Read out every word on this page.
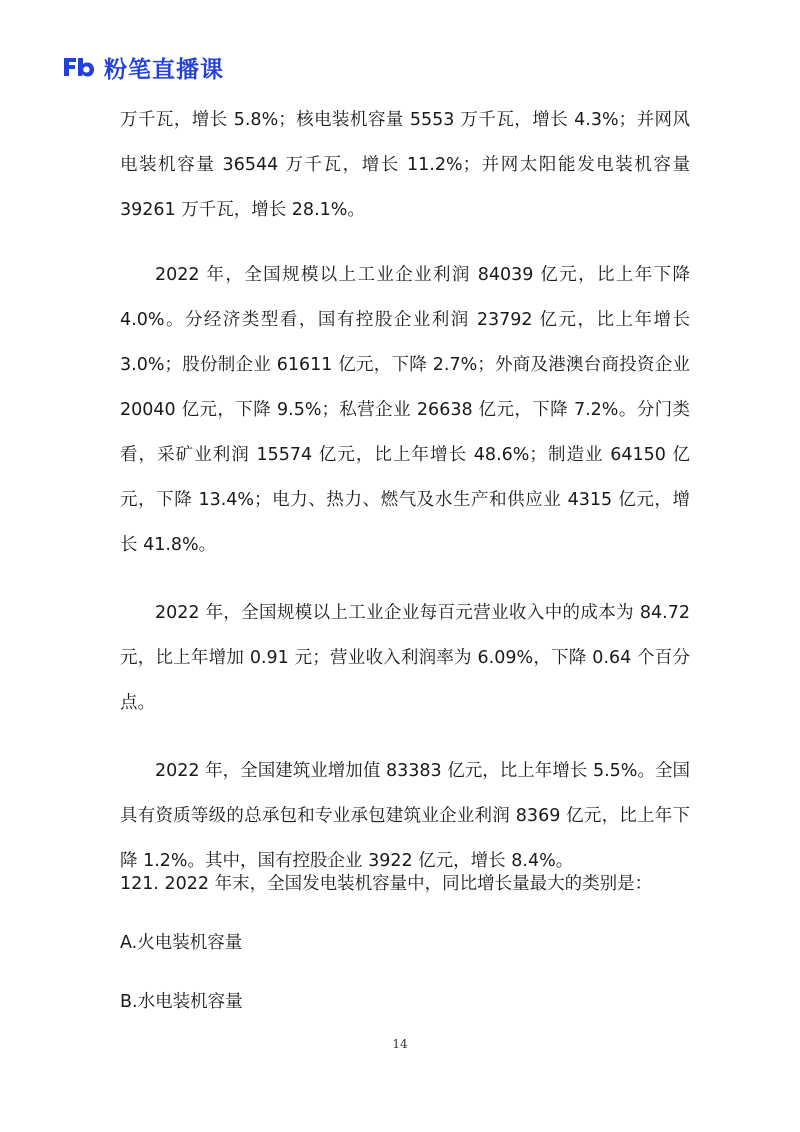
粉笔直播课

万千瓦，增长 5.8%；核电装机容量 5553 万千瓦，增长 4.3%；并网风电装机容量 36544 万千瓦，增长 11.2%；并网太阳能发电装机容量 39261 万千瓦，增长 28.1%。

2022 年，全国规模以上工业企业利润 84039 亿元，比上年下降 4.0%。分经济类型看，国有控股企业利润 23792 亿元，比上年增长 3.0%；股份制企业 61611 亿元，下降 2.7%；外商及港澳台商投资企业 20040 亿元，下降 9.5%；私营企业 26638 亿元，下降 7.2%。分门类看，采矿业利润 15574 亿元，比上年增长 48.6%；制造业 64150 亿元，下降 13.4%；电力、热力、燃气及水生产和供应业 4315 亿元，增长 41.8%。

2022 年，全国规模以上工业企业每百元营业收入中的成本为 84.72 元，比上年增加 0.91 元；营业收入利润率为 6.09%，下降 0.64 个百分点。

2022 年，全国建筑业增加值 83383 亿元，比上年增长 5.5%。全国具有资质等级的总承包和专业承包建筑业企业利润 8369 亿元，比上年下降 1.2%。其中，国有控股企业 3922 亿元，增长 8.4%。

121. 2022 年末，全国发电装机容量中，同比增长量最大的类别是：

A.火电装机容量

B.水电装机容量

14
